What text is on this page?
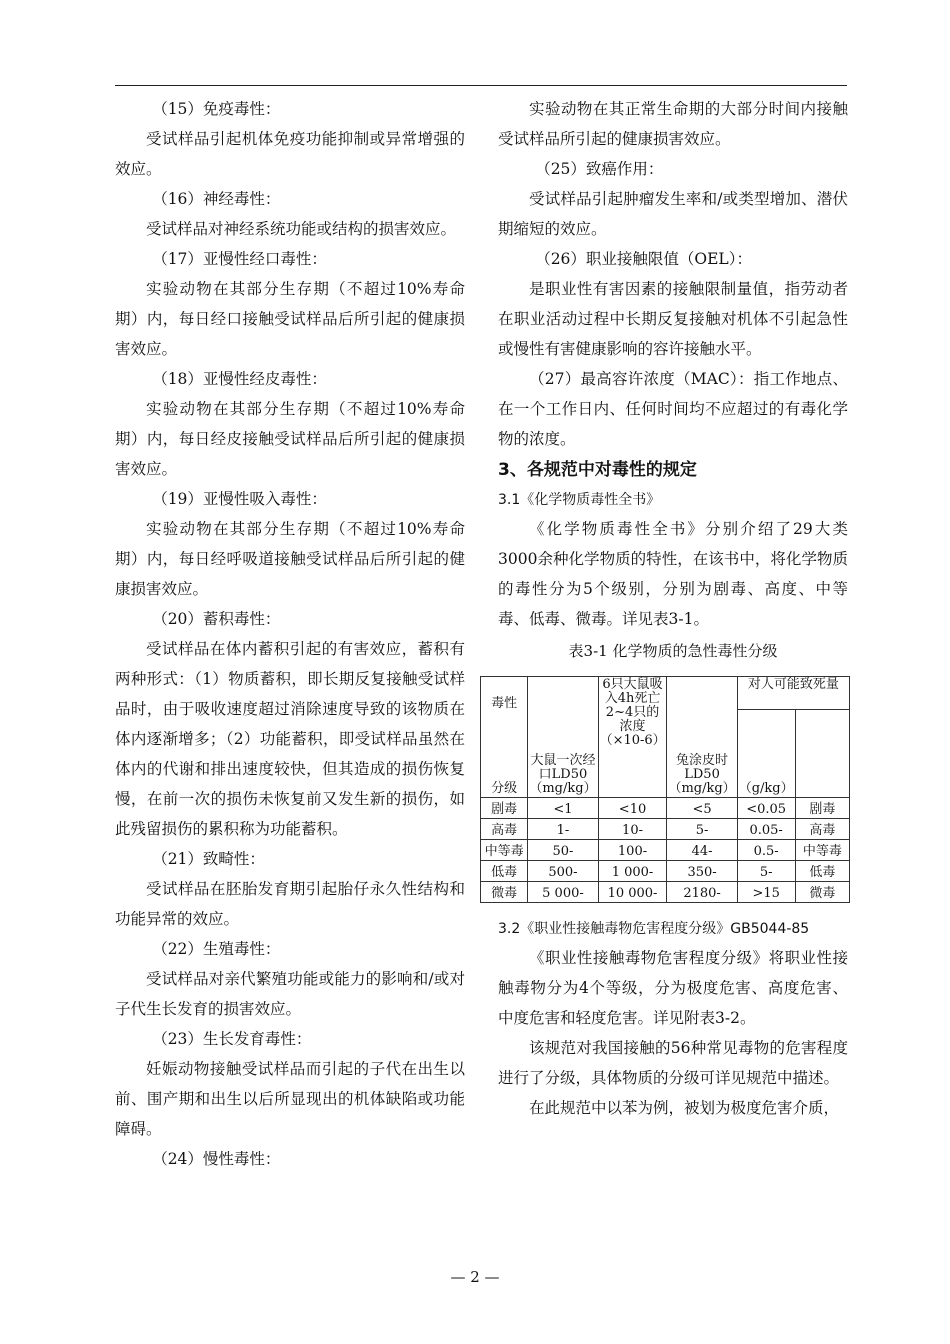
（15）免疫毒性：

受试样品引起机体免疫功能抑制或异常增强的效应。

（16）神经毒性：

受试样品对神经系统功能或结构的损害效应。

（17）亚慢性经口毒性：

实验动物在其部分生存期（不超过10%寿命期）内，每日经口接触受试样品后所引起的健康损害效应。

（18）亚慢性经皮毒性：

实验动物在其部分生存期（不超过10%寿命期）内，每日经皮接触受试样品后所引起的健康损害效应。

（19）亚慢性吸入毒性：

实验动物在其部分生存期（不超过10%寿命期）内，每日经呼吸道接触受试样品后所引起的健康损害效应。

（20）蓄积毒性：

受试样品在体内蓄积引起的有害效应，蓄积有两种形式：（1）物质蓄积，即长期反复接触受试样品时，由于吸收速度超过消除速度导致的该物质在体内逐渐增多；（2）功能蓄积，即受试样品虽然在体内的代谢和排出速度较快，但其造成的损伤恢复慢，在前一次的损伤未恢复前又发生新的损伤，如此残留损伤的累积称为功能蓄积。

（21）致畸性：

受试样品在胚胎发育期引起胎仔永久性结构和功能异常的效应。

（22）生殖毒性：

受试样品对亲代繁殖功能或能力的影响和/或对子代生长发育的损害效应。

（23）生长发育毒性：

妊娠动物接触受试样品而引起的子代在出生以前、围产期和出生以后所显现出的机体缺陷或功能障碍。

（24）慢性毒性：

实验动物在其正常生命期的大部分时间内接触受试样品所引起的健康损害效应。

（25）致癌作用：

受试样品引起肿瘤发生率和/或类型增加、潜伏期缩短的效应。

（26）职业接触限值（OEL）：

是职业性有害因素的接触限制量值，指劳动者在职业活动过程中长期反复接触对机体不引起急性或慢性有害健康影响的容许接触水平。

（27）最高容许浓度（MAC）：指工作地点、在一个工作日内、任何时间均不应超过的有毒化学物的浓度。

3、各规范中对毒性的规定

3.1《化学物质毒性全书》

《化学物质毒性全书》分别介绍了29大类3000余种化学物质的特性，在该书中，将化学物质的毒性分为5个级别，分别为剧毒、高度、中等毒、低毒、微毒。详见表3-1。

表3-1 化学物质的急性毒性分级

毒性
分级	大鼠一次经口LD50（mg/kg）	6只大鼠吸入4h死亡2~4只的浓度（×10-6）	兔涂皮时LD50（mg/kg）	对人可能致死量	
				（g/kg）	
剧毒	<1	<10	<5	<0.05	剧毒
高毒	1-	10-	5-	0.05-	高毒
中等毒	50-	100-	44-	0.5-	中等毒
低毒	500-	1 000-	350-	5-	低毒
微毒	5 000-	10 000-	2180-	>15	微毒

3.2《职业性接触毒物危害程度分级》GB5044-85

《职业性接触毒物危害程度分级》将职业性接触毒物分为4个等级，分为极度危害、高度危害、中度危害和轻度危害。详见附表3-2。

该规范对我国接触的56种常见毒物的危害程度进行了分级，具体物质的分级可详见规范中描述。

在此规范中以苯为例，被划为极度危害介质，

— 2 —
